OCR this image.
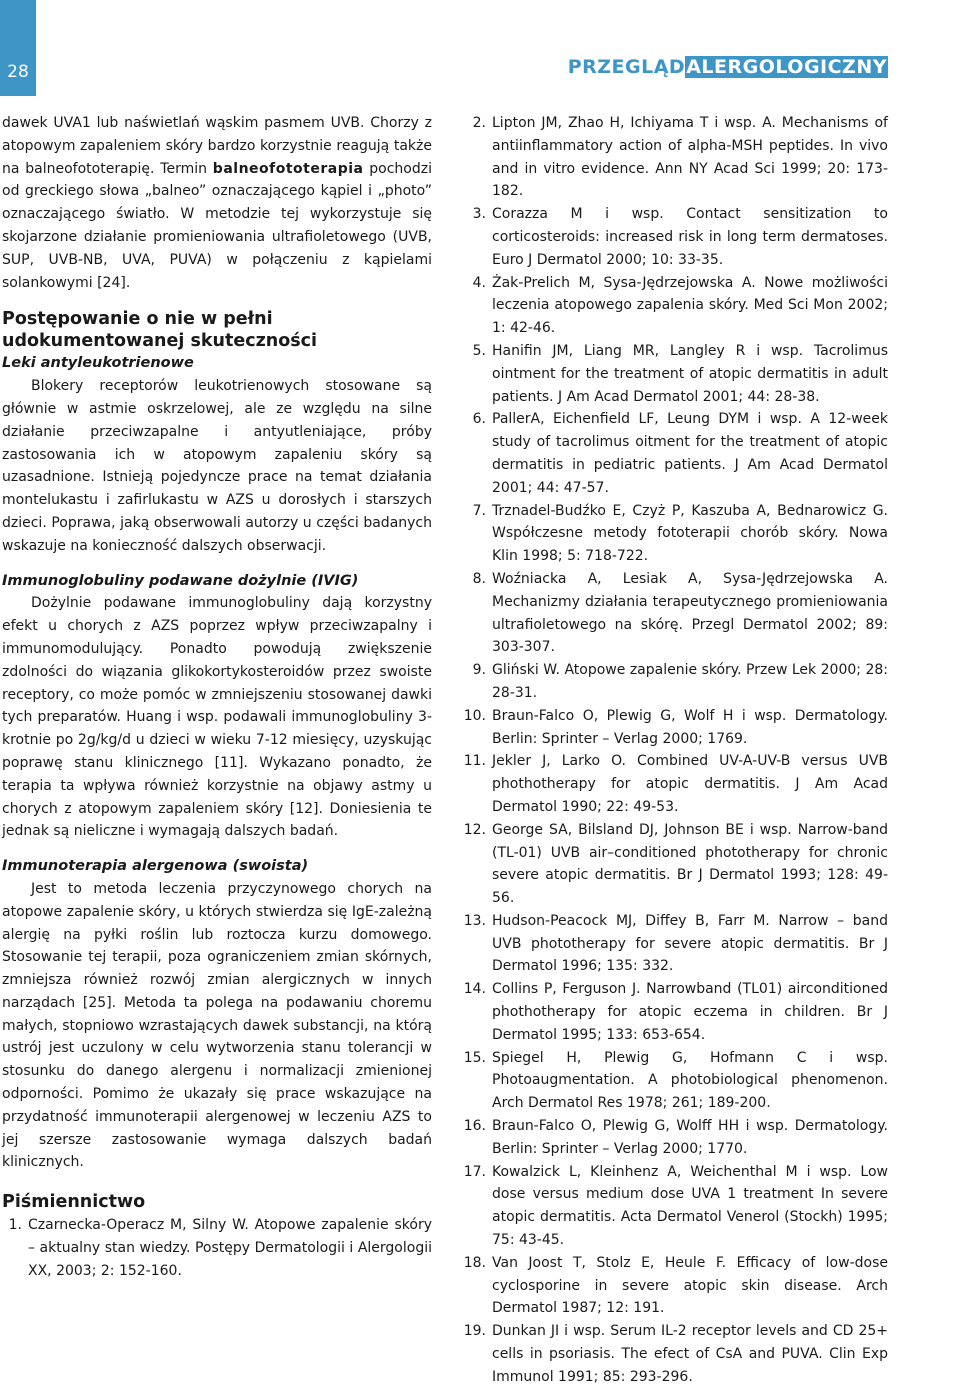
28	PRZEGLĄDALERGOLOGICZNY

dawek UVA1 lub naświetlań wąskim pasmem UVB. Chorzy z atopowym zapaleniem skóry bardzo korzystnie reagują także na balneofototerapię. Termin balneofototerapia pochodzi od greckiego słowa „balneo” oznaczającego kąpiel i „photo” oznaczającego światło. W metodzie tej wykorzystuje się skojarzone działanie promieniowania ultrafioletowego (UVB, SUP, UVB-NB, UVA, PUVA) w połączeniu z kąpielami solankowymi [24].

Postępowanie o nie w pełni udokumentowanej skuteczności
Leki antyleukotrienowe

Blokery receptorów leukotrienowych stosowane są głównie w astmie oskrzelowej, ale ze względu na silne działanie przeciwzapalne i antyutleniające, próby zastosowania ich w atopowym zapaleniu skóry są uzasadnione. Istnieją pojedyncze prace na temat działania montelukastu i zafirlukastu w AZS u dorosłych i starszych dzieci. Poprawa, jaką obserwowali autorzy u części badanych wskazuje na konieczność dalszych obserwacji.

Immunoglobuliny podawane dożylnie (IVIG)

Dożylnie podawane immunoglobuliny dają korzystny efekt u chorych z AZS poprzez wpływ przeciwzapalny i immunomodulujący. Ponadto powodują zwiększenie zdolności do wiązania glikokortykosteroidów przez swoiste receptory, co może pomóc w zmniejszeniu stosowanej dawki tych preparatów. Huang i wsp. podawali immunoglobuliny 3-krotnie po 2g/kg/d u dzieci w wieku 7-12 miesięcy, uzyskując poprawę stanu klinicznego [11]. Wykazano ponadto, że terapia ta wpływa również korzystnie na objawy astmy u chorych z atopowym zapaleniem skóry [12]. Doniesienia te jednak są nieliczne i wymagają dalszych badań.

Immunoterapia alergenowa (swoista)

Jest to metoda leczenia przyczynowego chorych na atopowe zapalenie skóry, u których stwierdza się IgE-zależną alergię na pyłki roślin lub roztocza kurzu domowego. Stosowanie tej terapii, poza ograniczeniem zmian skórnych, zmniejsza również rozwój zmian alergicznych w innych narządach [25]. Metoda ta polega na podawaniu choremu małych, stopniowo wzrastających dawek substancji, na którą ustrój jest uczulony w celu wytworzenia stanu tolerancji w stosunku do danego alergenu i normalizacji zmienionej odporności. Pomimo że ukazały się prace wskazujące na przydatność immunoterapii alergenowej w leczeniu AZS to jej szersze zastosowanie wymaga dalszych badań klinicznych.

Piśmiennictwo
1. Czarnecka-Operacz M, Silny W. Atopowe zapalenie skóry – aktualny stan wiedzy. Postępy Dermatologii i Alergologii XX, 2003; 2: 152-160.
2. Lipton JM, Zhao H, Ichiyama T i wsp. A. Mechanisms of antiinflammatory action of alpha-MSH peptides. In vivo and in vitro evidence. Ann NY Acad Sci 1999; 20: 173-182.
3. Corazza M i wsp. Contact sensitization to corticosteroids: increased risk in long term dermatoses. Euro J Dermatol 2000; 10: 33-35.
4. Żak-Prelich M, Sysa-Jędrzejowska A. Nowe możliwości leczenia atopowego zapalenia skóry. Med Sci Mon 2002; 1: 42-46.
5. Hanifin JM, Liang MR, Langley R i wsp. Tacrolimus ointment for the treatment of atopic dermatitis in adult patients. J Am Acad Dermatol 2001; 44: 28-38.
6. PallerA, Eichenfield LF, Leung DYM i wsp. A 12-week study of tacrolimus oitment for the treatment of atopic dermatitis in pediatric patients. J Am Acad Dermatol 2001; 44: 47-57.
7. Trznadel-Budźko E, Czyż P, Kaszuba A, Bednarowicz G. Współczesne metody fototerapii chorób skóry. Nowa Klin 1998; 5: 718-722.
8. Woźniacka A, Lesiak A, Sysa-Jędrzejowska A. Mechanizmy działania terapeutycznego promieniowania ultrafioletowego na skórę. Przegl Dermatol 2002; 89: 303-307.
9. Gliński W. Atopowe zapalenie skóry. Przew Lek 2000; 28: 28-31.
10. Braun-Falco O, Plewig G, Wolf H i wsp. Dermatology. Berlin: Sprinter – Verlag 2000; 1769.
11. Jekler J, Larko O. Combined UV-A-UV-B versus UVB phothotherapy for atopic dermatitis. J Am Acad Dermatol 1990; 22: 49-53.
12. George SA, Bilsland DJ, Johnson BE i wsp. Narrow-band (TL-01) UVB air–conditioned phototherapy for chronic severe atopic dermatitis. Br J Dermatol 1993; 128: 49-56.
13. Hudson-Peacock MJ, Diffey B, Farr M. Narrow – band UVB phototherapy for severe atopic dermatitis. Br J Dermatol 1996; 135: 332.
14. Collins P, Ferguson J. Narrowband (TL01) airconditioned phothotherapy for atopic eczema in children. Br J Dermatol 1995; 133: 653-654.
15. Spiegel H, Plewig G, Hofmann C i wsp. Photoaugmentation. A photobiological phenomenon. Arch Dermatol Res 1978; 261; 189-200.
16. Braun-Falco O, Plewig G, Wolff HH i wsp. Dermatology. Berlin: Sprinter – Verlag 2000; 1770.
17. Kowalzick L, Kleinhenz A, Weichenthal M i wsp. Low dose versus medium dose UVA 1 treatment In severe atopic dermatitis. Acta Dermatol Venerol (Stockh) 1995; 75: 43-45.
18. Van Joost T, Stolz E, Heule F. Efficacy of low-dose cyclosporine in severe atopic skin disease. Arch Dermatol 1987; 12: 191.
19. Dunkan JI i wsp. Serum IL-2 receptor levels and CD 25+ cells in psoriasis. The efect of CsA and PUVA. Clin Exp Immunol 1991; 85: 293-296.
